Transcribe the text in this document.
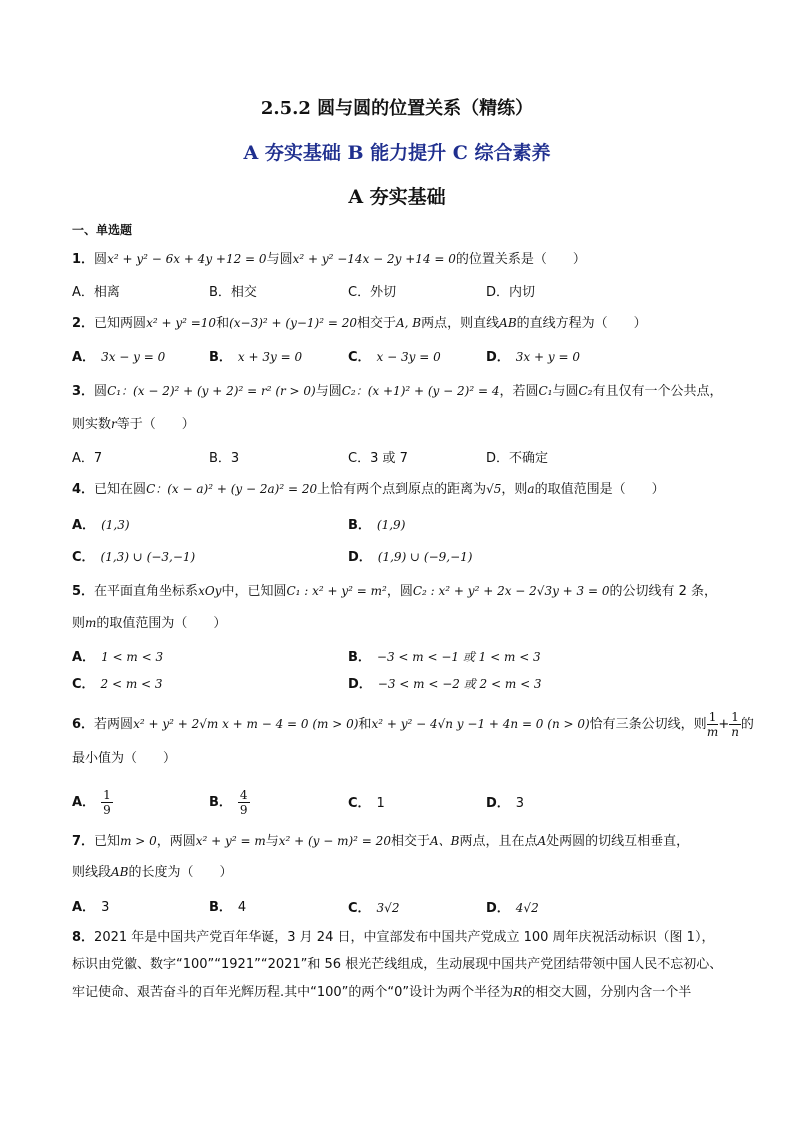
2.5.2 圆与圆的位置关系（精练）
A 夯实基础 B 能力提升 C 综合素养
A 夯实基础
一、单选题
1．圆x² + y² − 6x + 4y +12 = 0与圆x² + y² −14x − 2y +14 = 0的位置关系是（　　）
A．相离	B．相交	C．外切	D．内切
2．已知两圆x² + y² =10和(x−3)² + (y−1)² = 20相交于A, B两点，则直线AB的直线方程为（　　）
A． 3x − y = 0	B． x + 3y = 0	C． x − 3y = 0	D． 3x + y = 0
3．圆C₁：(x − 2)² + (y + 2)² = r² (r > 0)与圆C₂：(x +1)² + (y − 2)² = 4，若圆C₁与圆C₂有且仅有一个公共点，
则实数r等于（　　）
A．7	B．3	C．3 或 7	D．不确定
4．已知在圆C：(x − a)² + (y − 2a)² = 20上恰有两个点到原点的距离为√5，则a的取值范围是（　　）
A． (1,3)	B． (1,9)
C． (1,3) ∪ (−3,−1)	D． (1,9) ∪ (−9,−1)
5．在平面直角坐标系xOy中，已知圆C₁ : x² + y² = m²，圆C₂ : x² + y² + 2x − 2√3y + 3 = 0的公切线有 2 条，
则m的取值范围为（　　）
A． 1 < m < 3	B． −3 < m < −1 或 1 < m < 3
C． 2 < m < 3	D． −3 < m < −2 或 2 < m < 3
6．若两圆x² + y² + 2√m x + m − 4 = 0 (m > 0)和x² + y² − 4√n y −1 + 4n = 0 (n > 0)恰有三条公切线，则 $\frac{1}{m} + \frac{1}{n}$ 的
最小值为（　　）
A． $\frac{1}{9}$	B． $\frac{4}{9}$	C． 1	D． 3
7．已知m > 0，两圆x² + y² = m与x² + (y − m)² = 20相交于A、B两点，且在点A处两圆的切线互相垂直，
则线段AB的长度为（　　）
A． 3	B． 4	C． 3√2	D． 4√2
8．2021 年是中国共产党百年华诞，3 月 24 日，中宣部发布中国共产党成立 100 周年庆祝活动标识（图 1），
标识由党徽、数字“100”“1921”“2021”和 56 根光芒线组成，生动展现中国共产党团结带领中国人民不忘初心、
牢记使命、艰苦奋斗的百年光辉历程.其中“100”的两个“0”设计为两个半径为R的相交大圆，分别内含一个半
